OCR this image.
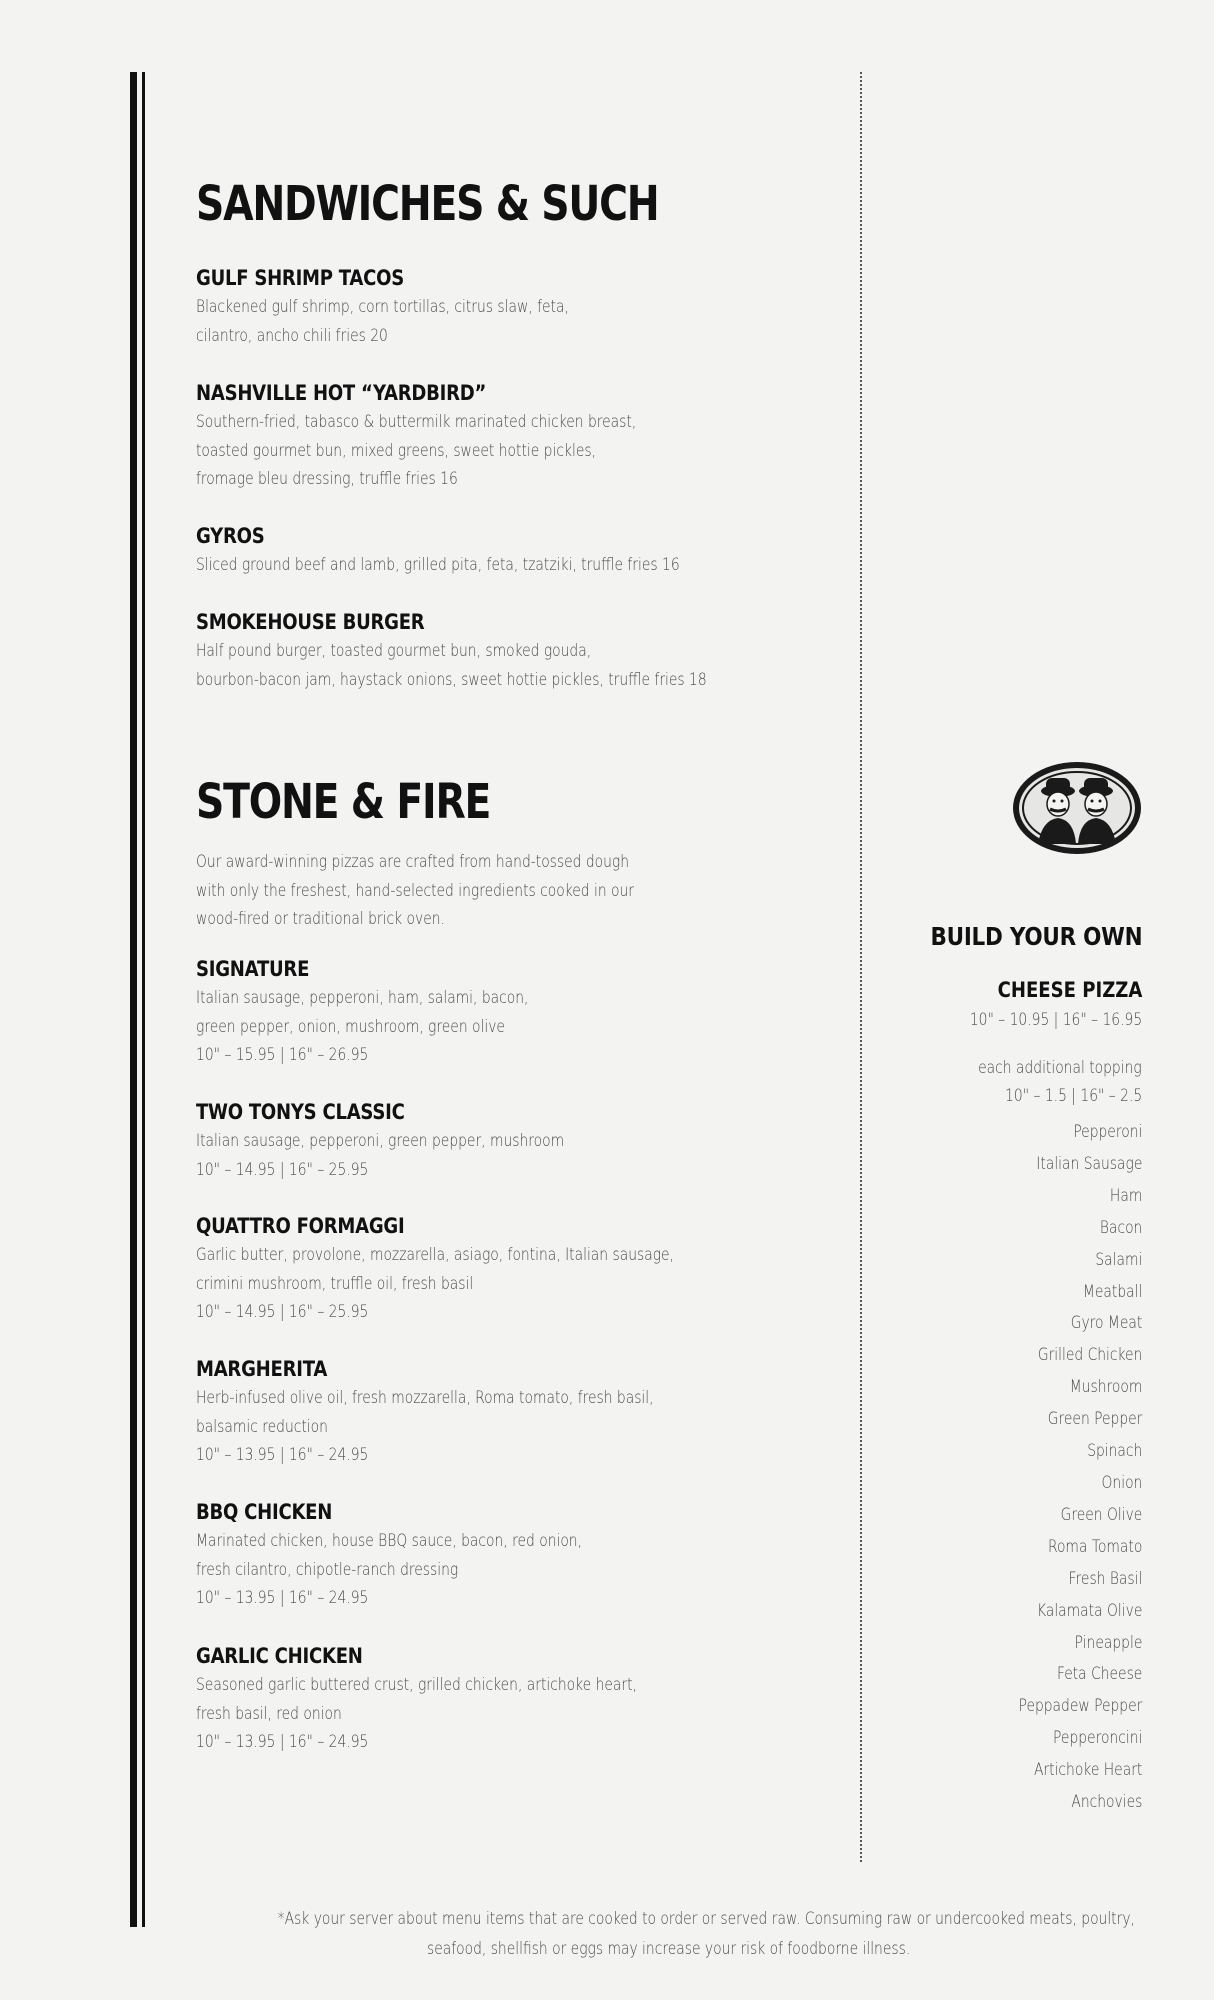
SANDWICHES & SUCH
GULF SHRIMP TACOS
Blackened gulf shrimp, corn tortillas, citrus slaw, feta,
cilantro, ancho chili fries 20
NASHVILLE HOT “YARDBIRD”
Southern-fried, tabasco & buttermilk marinated chicken breast,
toasted gourmet bun, mixed greens, sweet hottie pickles,
fromage bleu dressing, truffle fries 16
GYROS
Sliced ground beef and lamb, grilled pita, feta, tzatziki, truffle fries 16
SMOKEHOUSE BURGER
Half pound burger, toasted gourmet bun, smoked gouda,
bourbon-bacon jam, haystack onions, sweet hottie pickles, truffle fries 18
STONE & FIRE
Our award-winning pizzas are crafted from hand-tossed dough
with only the freshest, hand-selected ingredients cooked in our
wood-fired or traditional brick oven.
SIGNATURE
Italian sausage, pepperoni, ham, salami, bacon,
green pepper, onion, mushroom, green olive
10" – 15.95 | 16" – 26.95
TWO TONYS CLASSIC
Italian sausage, pepperoni, green pepper, mushroom
10" – 14.95 | 16" – 25.95
QUATTRO FORMAGGI
Garlic butter, provolone, mozzarella, asiago, fontina, Italian sausage,
crimini mushroom, truffle oil, fresh basil
10" – 14.95 | 16" – 25.95
MARGHERITA
Herb-infused olive oil, fresh mozzarella, Roma tomato, fresh basil,
balsamic reduction
10" – 13.95 | 16" – 24.95
BBQ CHICKEN
Marinated chicken, house BBQ sauce, bacon, red onion,
fresh cilantro, chipotle-ranch dressing
10" – 13.95 | 16" – 24.95
GARLIC CHICKEN
Seasoned garlic buttered crust, grilled chicken, artichoke heart,
fresh basil, red onion
10" – 13.95 | 16" – 24.95
BUILD YOUR OWN
CHEESE PIZZA
10" – 10.95 | 16" – 16.95
each additional topping
10" – 1.5 | 16" – 2.5
Pepperoni
Italian Sausage
Ham
Bacon
Salami
Meatball
Gyro Meat
Grilled Chicken
Mushroom
Green Pepper
Spinach
Onion
Green Olive
Roma Tomato
Fresh Basil
Kalamata Olive
Pineapple
Feta Cheese
Peppadew Pepper
Pepperoncini
Artichoke Heart
Anchovies
*Ask your server about menu items that are cooked to order or served raw. Consuming raw or undercooked meats, poultry,
seafood, shellfish or eggs may increase your risk of foodborne illness.
